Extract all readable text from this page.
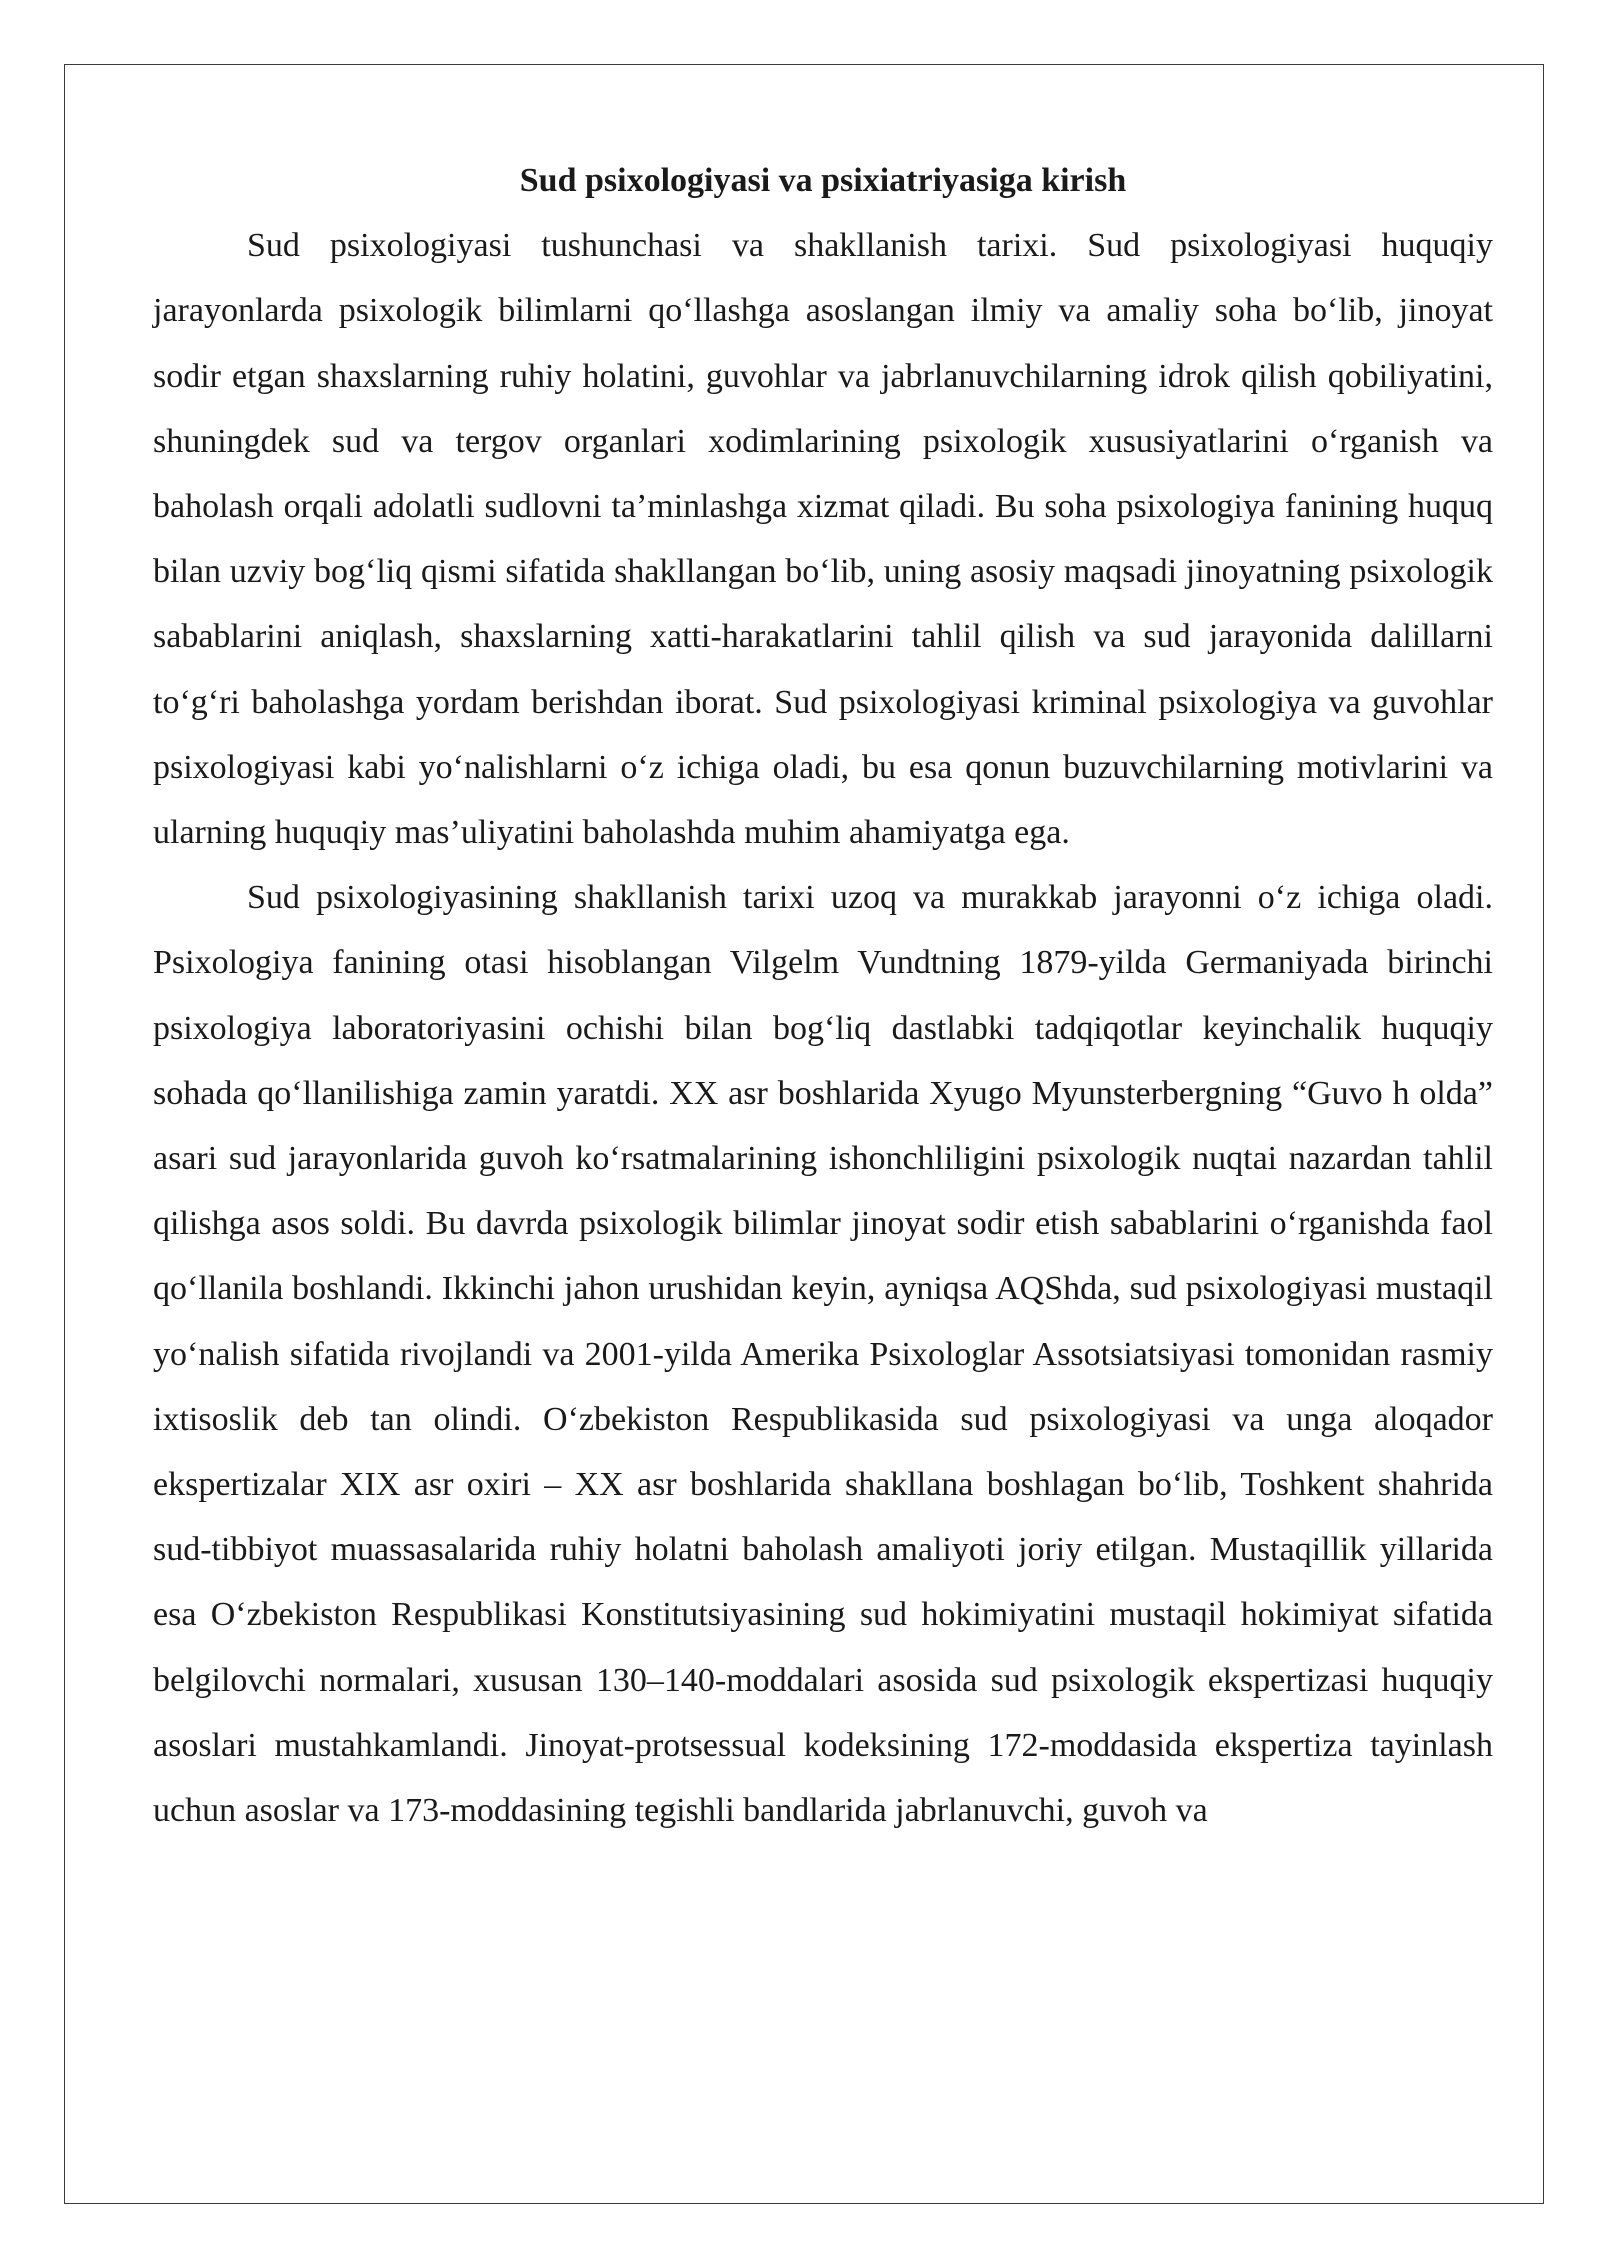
Sud psixologiyasi va psixiatriyasiga kirish

Sud psixologiyasi tushunchasi va shakllanish tarixi. Sud psixologiyasi huquqiy jarayonlarda psixologik bilimlarni qo‘llashga asoslangan ilmiy va amaliy soha bo‘lib, jinoyat sodir etgan shaxslarning ruhiy holatini, guvohlar va jabrlanuvchilarning idrok qilish qobiliyatini, shuningdek sud va tergov organlari xodimlarining psixologik xususiyatlarini o‘rganish va baholash orqali adolatli sudlovni ta’minlashga xizmat qiladi. Bu soha psixologiya fanining huquq bilan uzviy bog‘liq qismi sifatida shakllangan bo‘lib, uning asosiy maqsadi jinoyatning psixologik sabablarini aniqlash, shaxslarning xatti-harakatlarini tahlil qilish va sud jarayonida dalillarni to‘g‘ri baholashga yordam berishdan iborat. Sud psixologiyasi kriminal psixologiya va guvohlar psixologiyasi kabi yo‘nalishlarni o‘z ichiga oladi, bu esa qonun buzuvchilarning motivlarini va ularning huquqiy mas’uliyatini baholashda muhim ahamiyatga ega.

Sud psixologiyasining shakllanish tarixi uzoq va murakkab jarayonni o‘z ichiga oladi. Psixologiya fanining otasi hisoblangan Vilgelm Vundtning 1879-yilda Germaniyada birinchi psixologiya laboratoriyasini ochishi bilan bog‘liq dastlabki tadqiqotlar keyinchalik huquqiy sohada qo‘llanilishiga zamin yaratdi. XX asr boshlarida Xyugo Myunsterbergning “Guvo h olda” asari sud jarayonlarida guvoh ko‘rsatmalarining ishonchliligini psixologik nuqtai nazardan tahlil qilishga asos soldi. Bu davrda psixologik bilimlar jinoyat sodir etish sabablarini o‘rganishda faol qo‘llanila boshlandi. Ikkinchi jahon urushidan keyin, ayniqsa AQShda, sud psixologiyasi mustaqil yo‘nalish sifatida rivojlandi va 2001-yilda Amerika Psixologlar Assotsiatsiyasi tomonidan rasmiy ixtisoslik deb tan olindi. O‘zbekiston Respublikasida sud psixologiyasi va unga aloqador ekspertizalar XIX asr oxiri – XX asr boshlarida shakllana boshlagan bo‘lib, Toshkent shahrida sud-tibbiyot muassasalarida ruhiy holatni baholash amaliyoti joriy etilgan. Mustaqillik yillarida esa O‘zbekiston Respublikasi Konstitutsiyasining sud hokimiyatini mustaqil hokimiyat sifatida belgilovchi normalari, xususan 130–140-moddalari asosida sud psixologik ekspertizasi huquqiy asoslari mustahkamlandi. Jinoyat-protsessual kodeksining 172-moddasida ekspertiza tayinlash uchun asoslar va 173-moddasining tegishli bandlarida jabrlanuvchi, guvoh va
